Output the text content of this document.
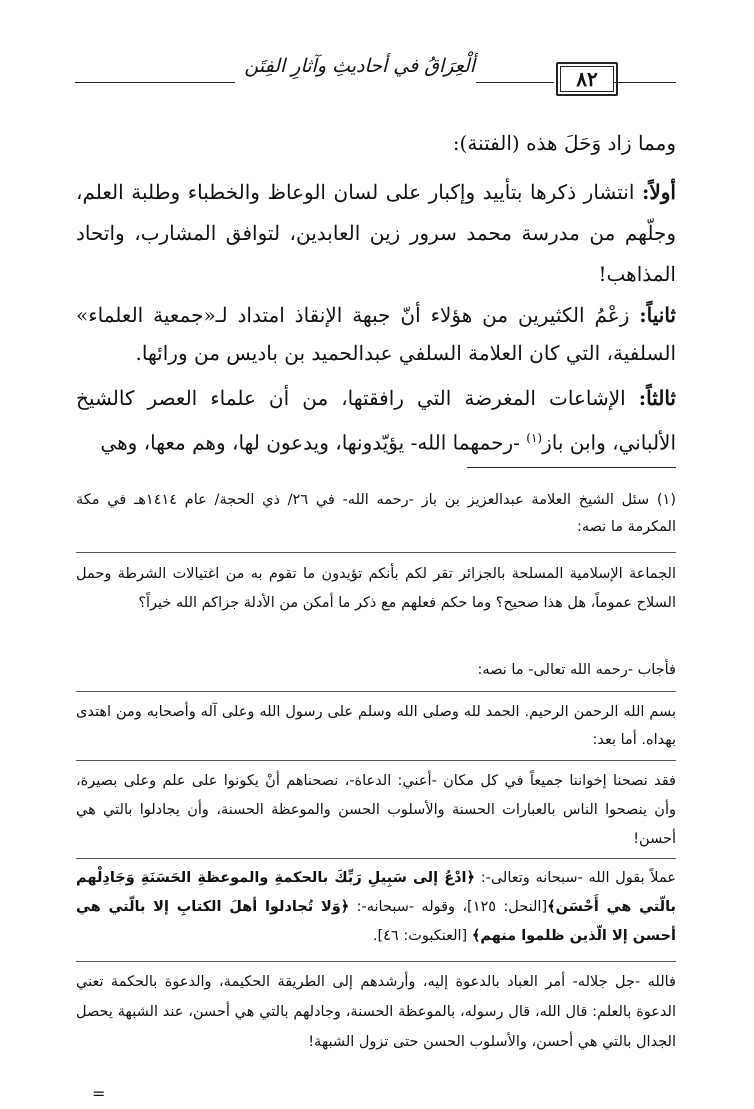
ألْعِرَاقُ في أحاديثِ وآثارِ الفِتَن
٨٢

ومما زاد وَحَلَ هذه (الفتنة):

أولاً: انتشار ذكرها بتأييد وإكبار على لسان الوعاظ والخطباء وطلبة العلم، وجلّهم من مدرسة محمد سرور زين العابدين، لتوافق المشارب، واتحاد المذاهب!

ثانياً: زعْمُ الكثيرين من هؤلاء أنّ جبهة الإنقاذ امتداد لـ«جمعية العلماء» السلفية، التي كان العلامة السلفي عبدالحميد بن باديس من ورائها.

ثالثاً: الإشاعات المغرضة التي رافقتها، من أن علماء العصر كالشيخ الألباني، وابن باز$^{(١)}$ -رحمهما الله- يؤيّدونها، ويدعون لها، وهم معها، وهي

(١) سئل الشيخ العلامة عبدالعزيز بن باز -رحمه الله- في ٢٦/ ذي الحجة/ عام ١٤١٤هـ في مكة المكرمة ما نصه:
الجماعة الإسلامية المسلحة بالجزائر تقر لكم بأنكم تؤيدون ما تقوم به من اغتيالات الشرطة وحمل السلاح عموماً، هل هذا صحيح؟ وما حكم فعلهم مع ذكر ما أمكن من الأدلة جزاكم الله خيراً؟
فأجاب -رحمه الله تعالى- ما نصه:
بسم الله الرحمن الرحيم. الحمد لله وصلى الله وسلم على رسول الله وعلى آله وأصحابه ومن اهتدى بهداه. أما بعد:
فقد نصحنا إخواننا جميعاً في كل مكان -أعني: الدعاة-، نصحناهم أنْ يكونوا على علم وعلى بصيرة، وأن ينصحوا الناس بالعبارات الحسنة والأسلوب الحسن والموعظة الحسنة، وأن يجادلوا بالتي هي أحسن!
عملاً بقول الله -سبحانه وتعالى-: ﴿ادْعُ إلى سَبِيلِ رَبِّكَ بالحكمةِ والموعظةِ الحَسَنَةِ وَجَادِلْهم بالّتي هي أَحْسَن﴾[النحل: ١٢٥]، وقوله -سبحانه-: ﴿وَلا تُجادلوا أهلَ الكتابِ إلا بالّتي هي أحسن إلا الّذين ظلموا منهم﴾ [العنكبوت: ٤٦].
فالله -جل جلاله- أمر العباد بالدعوة إليه، وأرشدهم إلى الطريقة الحكيمة، والدعوة بالحكمة تعني الدعوة بالعلم: قال الله، قال رسوله، بالموعظة الحسنة، وجادلهم بالتي هي أحسن، عند الشبهة يحصل الجدال بالتي هي أحسن، والأسلوب الحسن حتى تزول الشبهة!
=
